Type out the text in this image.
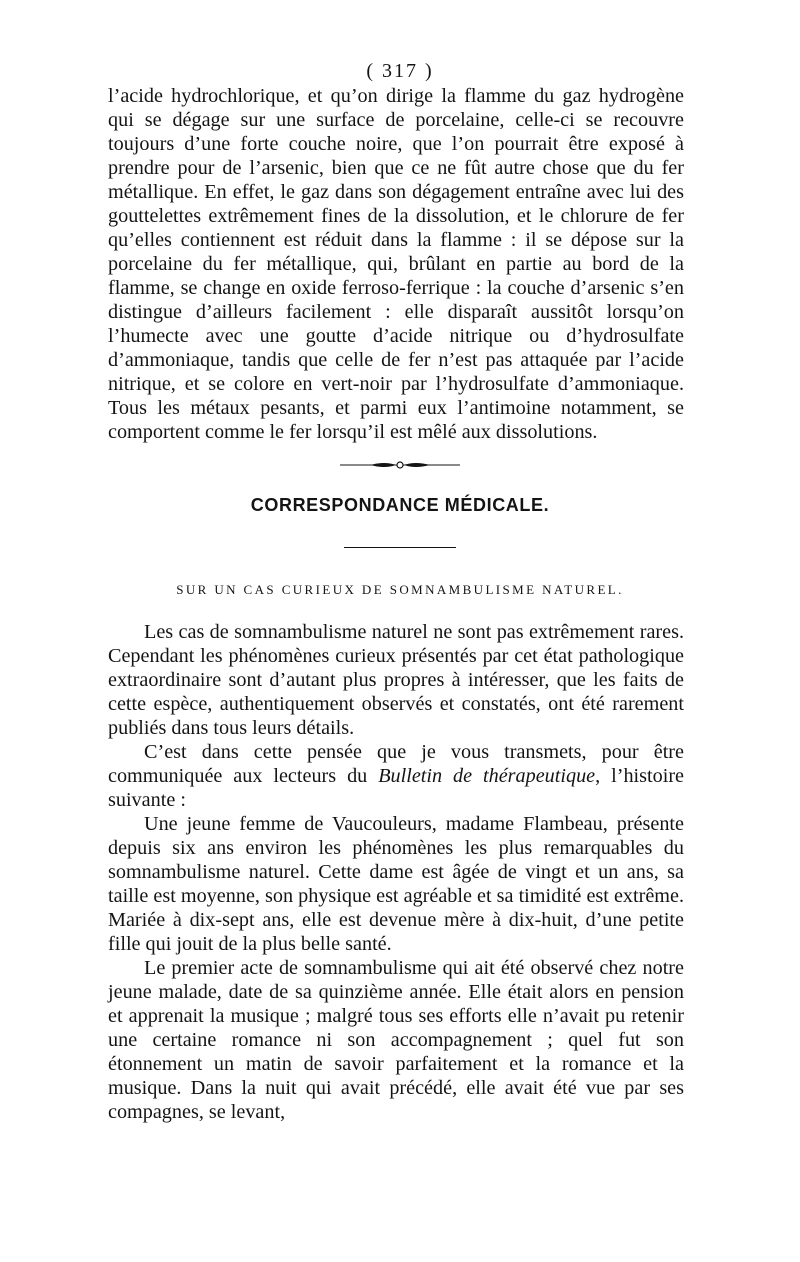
( 317 )

l’acide hydrochlorique, et qu’on dirige la flamme du gaz hydrogène qui se dégage sur une surface de porcelaine, celle-ci se recouvre toujours d’une forte couche noire, que l’on pourrait être exposé à prendre pour de l’arsenic, bien que ce ne fût autre chose que du fer métallique. En effet, le gaz dans son dégagement entraîne avec lui des gouttelettes extrêmement fines de la dissolution, et le chlorure de fer qu’elles contiennent est réduit dans la flamme : il se dépose sur la porcelaine du fer métallique, qui, brûlant en partie au bord de la flamme, se change en oxide ferroso-ferrique : la couche d’arsenic s’en distingue d’ailleurs facilement : elle disparaît aussitôt lorsqu’on l’humecte avec une goutte d’acide nitrique ou d’hydrosulfate d’ammoniaque, tandis que celle de fer n’est pas attaquée par l’acide nitrique, et se colore en vert-noir par l’hydrosulfate d’ammoniaque. Tous les métaux pesants, et parmi eux l’antimoine notamment, se comportent comme le fer lorsqu’il est mêlé aux dissolutions.

CORRESPONDANCE MÉDICALE.
SUR UN CAS CURIEUX DE SOMNAMBULISME NATUREL.

Les cas de somnambulisme naturel ne sont pas extrêmement rares. Cependant les phénomènes curieux présentés par cet état pathologique extraordinaire sont d’autant plus propres à intéresser, que les faits de cette espèce, authentiquement observés et constatés, ont été rarement publiés dans tous leurs détails.

C’est dans cette pensée que je vous transmets, pour être communiquée aux lecteurs du Bulletin de thérapeutique, l’histoire suivante :

Une jeune femme de Vaucouleurs, madame Flambeau, présente depuis six ans environ les phénomènes les plus remarquables du somnambulisme naturel. Cette dame est âgée de vingt et un ans, sa taille est moyenne, son physique est agréable et sa timidité est extrême. Mariée à dix-sept ans, elle est devenue mère à dix-huit, d’une petite fille qui jouit de la plus belle santé.

Le premier acte de somnambulisme qui ait été observé chez notre jeune malade, date de sa quinzième année. Elle était alors en pension et apprenait la musique ; malgré tous ses efforts elle n’avait pu retenir une certaine romance ni son accompagnement ; quel fut son étonnement un matin de savoir parfaitement et la romance et la musique. Dans la nuit qui avait précédé, elle avait été vue par ses compagnes, se levant,
